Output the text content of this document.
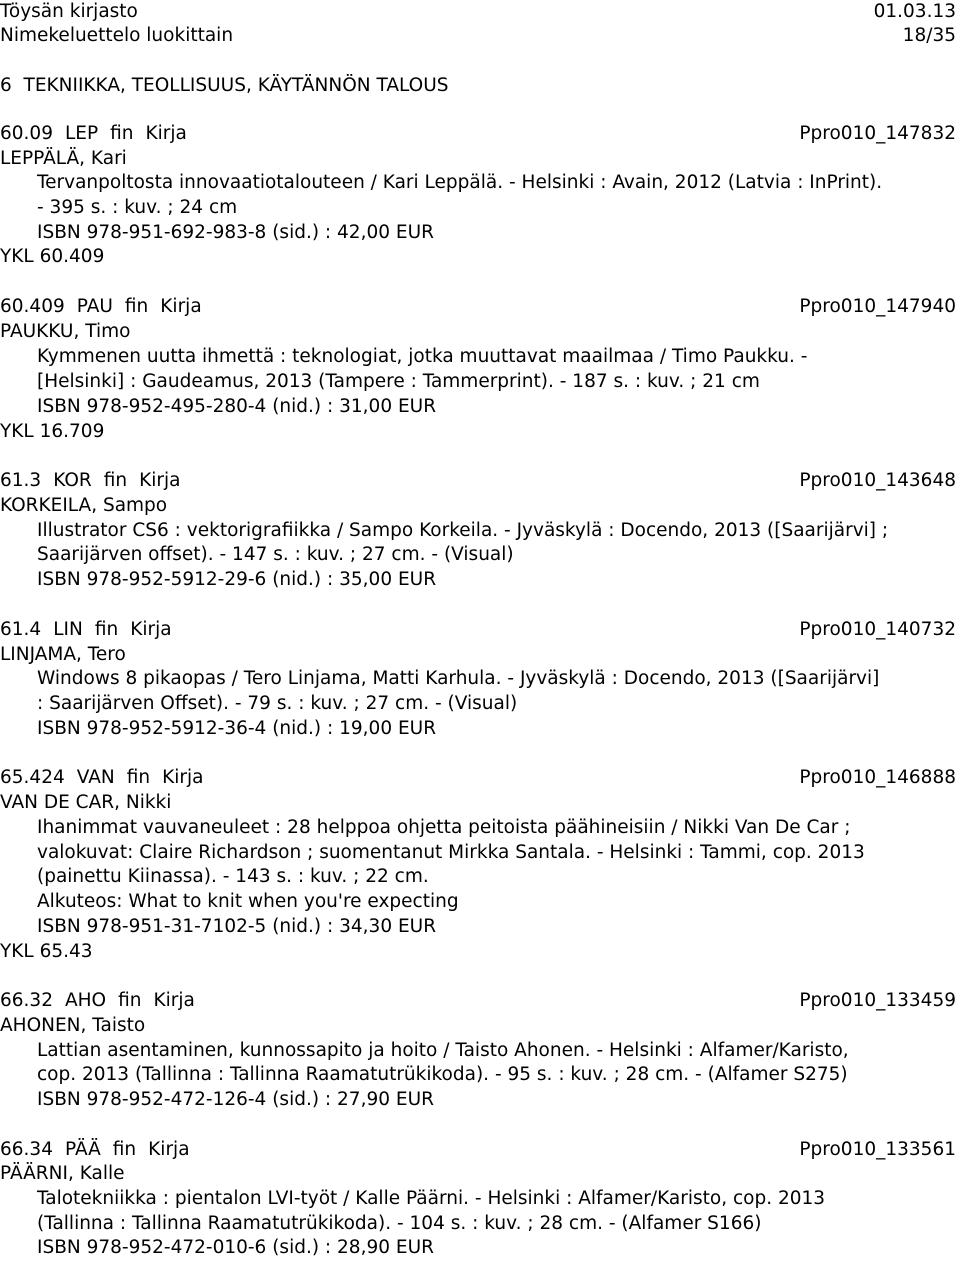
Töysän kirjasto	01.03.13
Nimekeluettelo luokittain	18/35
6  TEKNIIKKA, TEOLLISUUS, KÄYTÄNNÖN TALOUS
60.09 LEP fin Kirja	Ppro010_147832
LEPPÄLÄ, Kari
Tervanpoltosta innovaatiotalouteen / Kari Leppälä. - Helsinki : Avain, 2012 (Latvia : InPrint).
- 395 s. : kuv. ; 24 cm
ISBN 978-951-692-983-8 (sid.) : 42,00 EUR
YKL 60.409
60.409 PAU fin Kirja	Ppro010_147940
PAUKKU, Timo
Kymmenen uutta ihmettä : teknologiat, jotka muuttavat maailmaa / Timo Paukku. -
[Helsinki] : Gaudeamus, 2013 (Tampere : Tammerprint). - 187 s. : kuv. ; 21 cm
ISBN 978-952-495-280-4 (nid.) : 31,00 EUR
YKL 16.709
61.3 KOR fin Kirja	Ppro010_143648
KORKEILA, Sampo
Illustrator CS6 : vektorigrafiikka / Sampo Korkeila. - Jyväskylä : Docendo, 2013 ([Saarijärvi] ;
Saarijärven offset). - 147 s. : kuv. ; 27 cm. - (Visual)
ISBN 978-952-5912-29-6 (nid.) : 35,00 EUR
61.4 LIN fin Kirja	Ppro010_140732
LINJAMA, Tero
Windows 8 pikaopas / Tero Linjama, Matti Karhula. - Jyväskylä : Docendo, 2013 ([Saarijärvi]
: Saarijärven Offset). - 79 s. : kuv. ; 27 cm. - (Visual)
ISBN 978-952-5912-36-4 (nid.) : 19,00 EUR
65.424 VAN fin Kirja	Ppro010_146888
VAN DE CAR, Nikki
Ihanimmat vauvaneuleet : 28 helppoa ohjetta peitoista päähineisiin / Nikki Van De Car ;
valokuvat: Claire Richardson ; suomentanut Mirkka Santala. - Helsinki : Tammi, cop. 2013
(painettu Kiinassa). - 143 s. : kuv. ; 22 cm.
Alkuteos: What to knit when you're expecting
ISBN 978-951-31-7102-5 (nid.) : 34,30 EUR
YKL 65.43
66.32 AHO fin Kirja	Ppro010_133459
AHONEN, Taisto
Lattian asentaminen, kunnossapito ja hoito / Taisto Ahonen. - Helsinki : Alfamer/Karisto,
cop. 2013 (Tallinna : Tallinna Raamatutrükikoda). - 95 s. : kuv. ; 28 cm. - (Alfamer S275)
ISBN 978-952-472-126-4 (sid.) : 27,90 EUR
66.34 PÄÄ fin Kirja	Ppro010_133561
PÄÄRNI, Kalle
Talotekniikka : pientalon LVI-työt / Kalle Päärni. - Helsinki : Alfamer/Karisto, cop. 2013
(Tallinna : Tallinna Raamatutrükikoda). - 104 s. : kuv. ; 28 cm. - (Alfamer S166)
ISBN 978-952-472-010-6 (sid.) : 28,90 EUR
